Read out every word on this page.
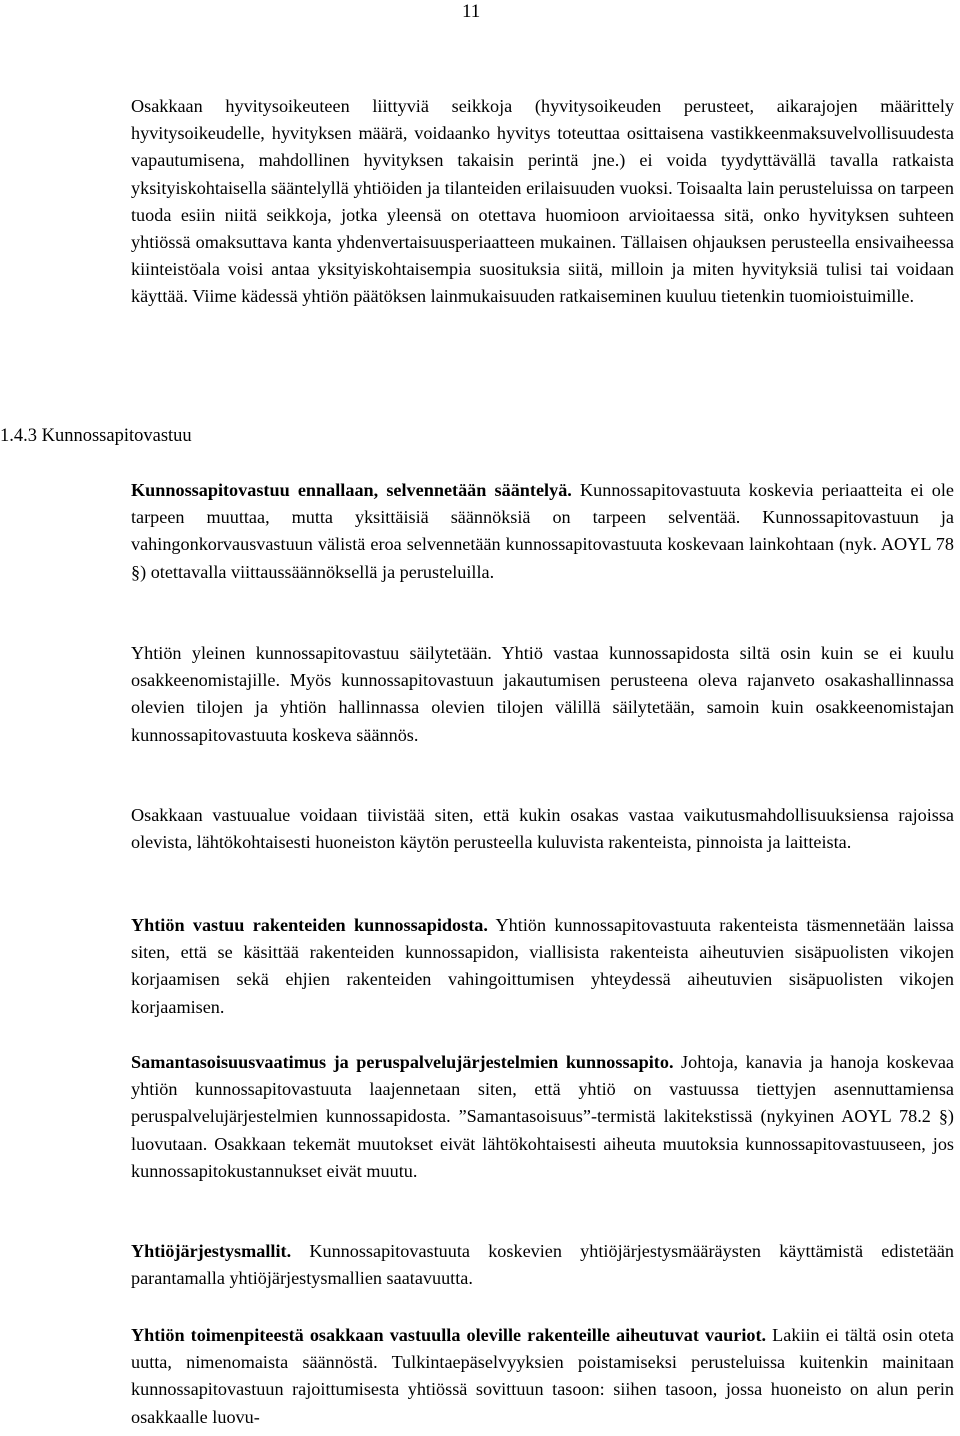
11

Osakkaan hyvitysoikeuteen liittyviä seikkoja (hyvitysoikeuden perusteet, aikarajojen määrittely hyvitysoikeudelle, hyvityksen määrä, voidaanko hyvitys toteuttaa osittaisena vastikkeenmaksuvelvollisuudesta vapautumisena, mahdollinen hyvityksen takaisin perintä jne.) ei voida tyydyttävällä tavalla ratkaista yksityiskohtaisella sääntelyllä yhtiöiden ja tilanteiden erilaisuuden vuoksi. Toisaalta lain perusteluissa on tarpeen tuoda esiin niitä seikkoja, jotka yleensä on otettava huomioon arvioitaessa sitä, onko hyvityksen suhteen yhtiössä omaksuttava kanta yhdenvertaisuusperiaatteen mukainen. Tällaisen ohjauksen perusteella ensivaiheessa kiinteistöala voisi antaa yksityiskohtaisempia suosituksia siitä, milloin ja miten hyvityksiä tulisi tai voidaan käyttää. Viime kädessä yhtiön päätöksen lainmukaisuuden ratkaiseminen kuuluu tietenkin tuomioistuimille.

1.4.3 Kunnossapitovastuu

Kunnossapitovastuu ennallaan, selvennetään sääntelyä. Kunnossapitovastuuta koskevia periaatteita ei ole tarpeen muuttaa, mutta yksittäisiä säännöksiä on tarpeen selventää. Kunnossapitovastuun ja vahingonkorvausvastuun välistä eroa selvennetään kunnossapitovastuuta koskevaan lainkohtaan (nyk. AOYL 78 §) otettavalla viittaussäännöksellä ja perusteluilla.

Yhtiön yleinen kunnossapitovastuu säilytetään. Yhtiö vastaa kunnossapidosta siltä osin kuin se ei kuulu osakkeenomistajille. Myös kunnossapitovastuun jakautumisen perusteena oleva rajanveto osakashallinnassa olevien tilojen ja yhtiön hallinnassa olevien tilojen välillä säilytetään, samoin kuin osakkeenomistajan kunnossapitovastuuta koskeva säännös.

Osakkaan vastuualue voidaan tiivistää siten, että kukin osakas vastaa vaikutusmahdollisuuksiensa rajoissa olevista, lähtökohtaisesti huoneiston käytön perusteella kuluvista rakenteista, pinnoista ja laitteista.

Yhtiön vastuu rakenteiden kunnossapidosta. Yhtiön kunnossapitovastuuta rakenteista täsmennetään laissa siten, että se käsittää rakenteiden kunnossapidon, viallisista rakenteista aiheutuvien sisäpuolisten vikojen korjaamisen sekä ehjien rakenteiden vahingoittumisen yhteydessä aiheutuvien sisäpuolisten vikojen korjaamisen.

Samantasoisuusvaatimus ja peruspalvelujärjestelmien kunnossapito. Johtoja, kanavia ja hanoja koskevaa yhtiön kunnossapitovastuuta laajennetaan siten, että yhtiö on vastuussa tiettyjen asennuttamiensa peruspalvelujärjestelmien kunnossapidosta. ”Samantasoisuus”-termistä lakitekstissä (nykyinen AOYL 78.2 §) luovutaan. Osakkaan tekemät muutokset eivät lähtökohtaisesti aiheuta muutoksia kunnossapitovastuuseen, jos kunnossapitokustannukset eivät muutu.

Yhtiöjärjestysmallit. Kunnossapitovastuuta koskevien yhtiöjärjestysmääräysten käyttämistä edistetään parantamalla yhtiöjärjestysmallien saatavuutta.

Yhtiön toimenpiteestä osakkaan vastuulla oleville rakenteille aiheutuvat vauriot. Lakiin ei tältä osin oteta uutta, nimenomaista säännöstä. Tulkintaepäselvyyksien poistamiseksi perusteluissa kuitenkin mainitaan kunnossapitovastuun rajoittumisesta yhtiössä sovittuun tasoon: siihen tasoon, jossa huoneisto on alun perin osakkaalle luovu-
